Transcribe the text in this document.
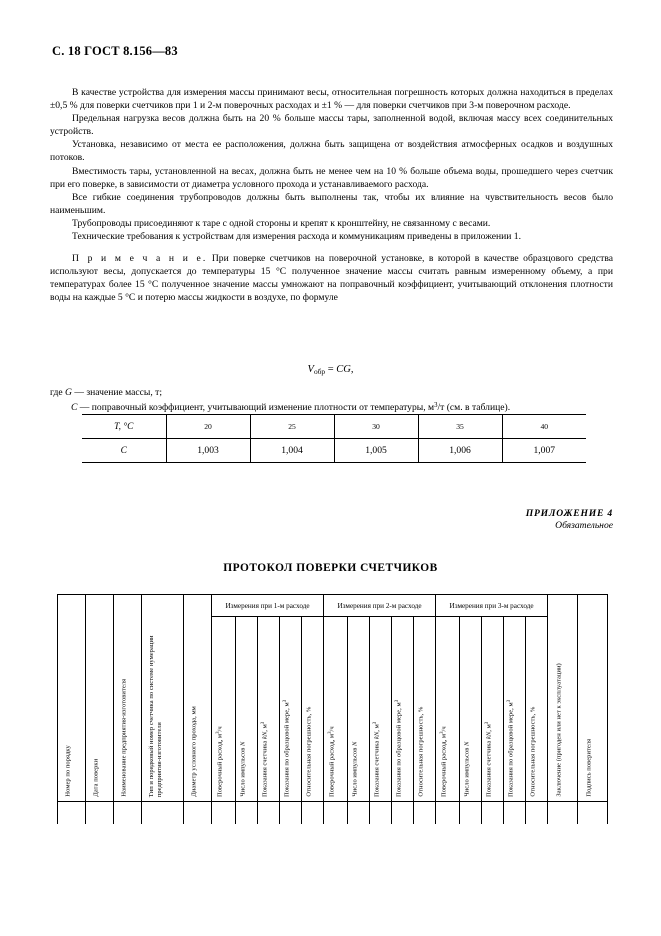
С. 18 ГОСТ 8.156—83

В качестве устройства для измерения массы принимают весы, относительная погрешность которых должна находиться в пределах ±0,5 % для поверки счетчиков при 1 и 2-м поверочных расходах и ±1 % — для поверки счетчиков при 3-м поверочном расходе.

Предельная нагрузка весов должна быть на 20 % больше массы тары, заполненной водой, включая массу всех соединительных устройств.

Установка, независимо от места ее расположения, должна быть защищена от воздействия атмосферных осадков и воздушных потоков.

Вместимость тары, установленной на весах, должна быть не менее чем на 10 % больше объема воды, прошедшего через счетчик при его поверке, в зависимости от диаметра условного прохода и устанавливаемого расхода.

Все гибкие соединения трубопроводов должны быть выполнены так, чтобы их влияние на чувствительность весов было наименьшим.

Трубопроводы присоединяют к таре с одной стороны и крепят к кронштейну, не связанному с весами.

Технические требования к устройствам для измерения расхода и коммуникациям приведены в приложении 1.

П р и м е ч а н и е. При поверке счетчиков на поверочной установке, в которой в качестве образцового средства используют весы, допускается до температуры 15 °С полученное значение массы считать равным измеренному объему, а при температурах более 15 °С полученное значение массы умножают на поправочный коэффициент, учитывающий отклонения плотности воды на каждые 5 °С и потерю массы жидкости в воздухе, по формуле

$V_{обр}$ = CG,
где G — значение массы, т;
C — поправочный коэффициент, учитывающий изменение плотности от температуры, $м^3/т$ (см. в таблице).
T, °C	20	25	30	35	40
C	1,003	1,004	1,005	1,006	1,007
ПРИЛОЖЕНИЕ 4
Обязательное
ПРОТОКОЛ ПОВЕРКИ СЧЕТЧИКОВ
					Измерения при 1-м расходе					Измерения при 2-м расходе					Измерения при 3-м расходе						

Номер по порядку	Дата поверки	Наименование предприятия-изготовителя	Тип и порядковый номер счетчика по системе нумерации предприятия-изготовителя	Диаметр условного прохода, мм	Поверочный расход, $м^3/ч$	Число импульсов N	Показания счетчика kN, $м^3$	Показания по образцовой мере, $м^3$	Относительная погрешность, %	Поверочный расход, $м^3/ч$	Число импульсов N	Показания счетчика kN, $м^3$	Показания по образцовой мере, $м^3$	Относительная погрешность, %	Поверочный расход, $м^3/ч$	Число импульсов N	Показания счетчика kN, $м^3$	Показания по образцовой мере, $м^3$	Относительная погрешность, %	Заключение (пригоден или нет к эксплуатации)	Подпись поверителя
